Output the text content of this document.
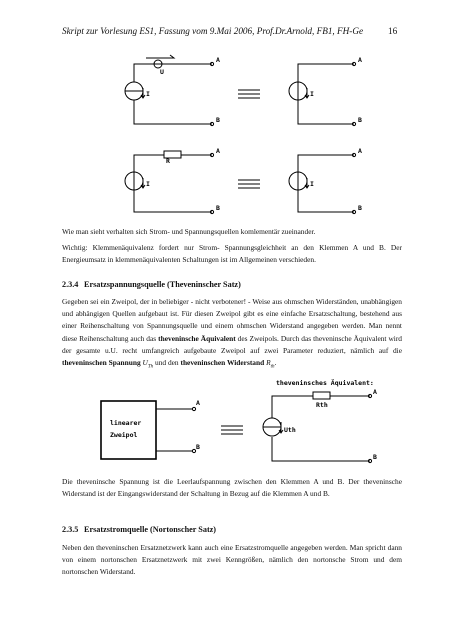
Skript zur Vorlesung ES1, Fassung vom 9.Mai 2006, Prof.Dr.Arnold, FB1, FH-Ge	16
U
I
A
B
I
A
B
R
I
A
B
I
A
B

Wie man sieht verhalten sich Strom- und Spannungsquellen komlementär zueinander.

Wichtig: Klemmenäquivalenz fordert nur Strom- Spannungsgleichheit an den Klemmen A und B. Der Energieumsatz in klemmenäquivalenten Schaltungen ist im Allgemeinen verschieden.

2.3.4 Ersatzspannungsquelle (Theveninscher Satz)

Gegeben sei ein Zweipol, der in beliebiger - nicht verbotener! - Weise aus ohmschen Widerständen, unabhängigen und abhängigen Quellen aufgebaut ist. Für diesen Zweipol gibt es eine einfache Ersatzschaltung, bestehend aus einer Reihenschaltung von Spannungsquelle und einem ohmschen Widerstand angegeben werden. Man nennt diese Reihenschaltung auch das theveninsche Äquivalent des Zweipols. Durch das theveninsche Äquivalent wird der gesamte u.U. recht umfangreich aufgebaute Zweipol auf zwei Parameter reduziert, nämlich auf die theveninschen Spannung $U_{Th}$ und den theveninschen Widerstand $R_{th}$.

linearer
Zweipol
A
B
theveninsches Äquivalent:
Rth
Uth
A
B

Die theveninsche Spannung ist die Leerlaufspannung zwischen den Klemmen A und B. Der theveninsche Widerstand ist der Eingangswiderstand der Schaltung in Bezug auf die Klemmen A und B.

2.3.5 Ersatzstromquelle (Nortonscher Satz)

Neben den theveninschen Ersatznetzwerk kann auch eine Ersatzstromquelle angegeben werden. Man spricht dann von einem nortonschen Ersatznetzwerk mit zwei Kenngrößen, nämlich den nortonsche Strom und dem nortonschen Widerstand.
